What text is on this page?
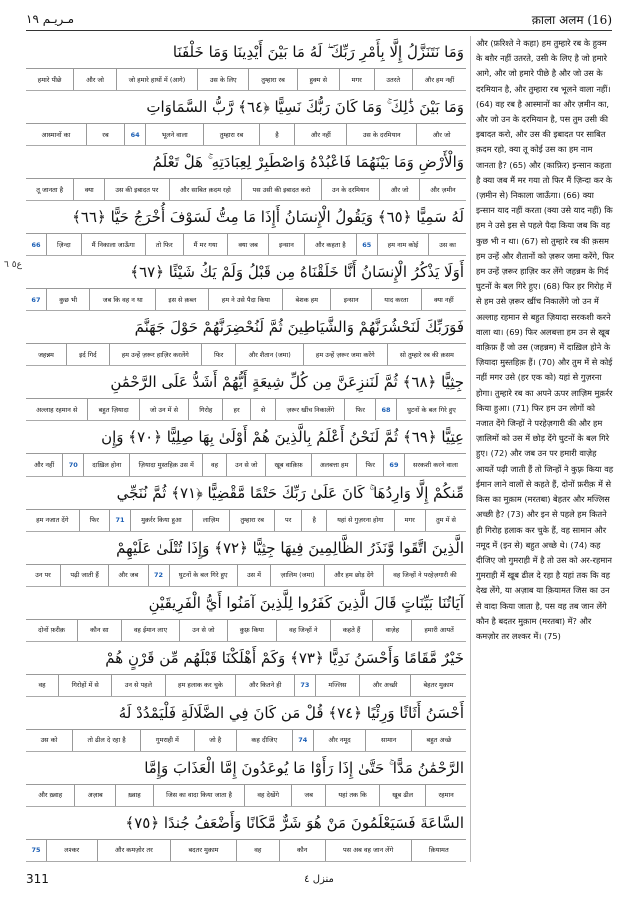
مـريـم ١٩	क़ाला अलम (16)
ع٥ ٦
وَمَا نَتَنَزَّلُ إِلَّا بِأَمْرِ رَبِّكَ ۖ لَهُ مَا بَيْنَ أَيْدِينَا وَمَا خَلْفَنَا
और हम नहीं
उतरते
मगर
हुक्म से
तुम्हारा रब
उस के लिए
जो हमारे हाथों में (आगे)
और जो
हमारे पीछे
وَمَا بَيْنَ ذَٰلِكَ ۚ وَمَا كَانَ رَبُّكَ نَسِيًّا ﴿٦٤﴾ رَّبُّ السَّمَاوَاتِ
और जो
उस के दरमियान
और नहीं
है
तुम्हारा रब
भूलने वाला
64
रब
आस्मानों का
وَالْأَرْضِ وَمَا بَيْنَهُمَا فَاعْبُدْهُ وَاصْطَبِرْ لِعِبَادَتِهِ ۚ هَلْ تَعْلَمُ
और ज़मीन
और जो
उन के दरमियान
पस उसी की इबादत करो
और साबित क़दम रहो
उस की इबादत पर
क्या
तू जानता है
لَهُ سَمِيًّا ﴿٦٥﴾ وَيَقُولُ الْإِنسَانُ أَإِذَا مَا مِتُّ لَسَوْفَ أُخْرَجُ حَيًّا ﴿٦٦﴾
उस का
हम नाम कोई
65
और कहता है
इन्सान
क्या जब
मैं मर गया
तो फिर
मैं निकाला जाऊँगा
ज़िन्दा
66
أَوَلَا يَذْكُرُ الْإِنسَانُ أَنَّا خَلَقْنَاهُ مِن قَبْلُ وَلَمْ يَكُ شَيْئًا ﴿٦٧﴾
क्या नहीं
याद करता
इन्सान
बेशक हम
हम ने उसे पैदा किया
इस से क़ब्ल
जब कि वह न था
कुछ भी
67
فَوَرَبِّكَ لَنَحْشُرَنَّهُمْ وَالشَّيَاطِينَ ثُمَّ لَنُحْضِرَنَّهُمْ حَوْلَ جَهَنَّمَ
सो तुम्हारे रब की क़सम
हम उन्हें ज़रूर जमा करेंगे
और शैतान (जमा)
फिर
हम उन्हें ज़रूर हाज़िर करलेंगे
इर्द गिर्द
जहन्नम
جِثِيًّا ﴿٦٨﴾ ثُمَّ لَنَنزِعَنَّ مِن كُلِّ شِيعَةٍ أَيُّهُمْ أَشَدُّ عَلَى الرَّحْمَٰنِ
घुटनों के बल गिरे हुए
68
फिर
ज़रूर खींच निकालेंगे
से
हर
गिरोह
जो उन में से
बहुत ज़ियादा
अल्लाह रहमान से
عِتِيًّا ﴿٦٩﴾ ثُمَّ لَنَحْنُ أَعْلَمُ بِالَّذِينَ هُمْ أَوْلَىٰ بِهَا صِلِيًّا ﴿٧٠﴾ وَإِن
सरकशी करने वाला
69
फिर
अलबत्ता हम
खूब वाक़िफ़
उन से जो
वह
ज़ियादा मुस्तहिक़ उस में
दाख़िल होना
70
और नहीं
مِّنكُمْ إِلَّا وَارِدُهَا ۚ كَانَ عَلَىٰ رَبِّكَ حَتْمًا مَّقْضِيًّا ﴿٧١﴾ ثُمَّ نُنَجِّي
तुम में से
मगर
यहां से गुज़रना होगा
है
पर
तुम्हारा रब
लाज़िम
मुक़र्रर किया हुआ
71
फिर
हम नजात देंगे
الَّذِينَ اتَّقَوا وَّنَذَرُ الظَّالِمِينَ فِيهَا جِثِيًّا ﴿٧٢﴾ وَإِذَا تُتْلَىٰ عَلَيْهِمْ
वह जिन्हों ने परहेज़गारी की
और हम छोड़ देंगे
ज़ालिम (जमा)
उस में
घुटनों के बल गिरे हुए
72
और जब
पढ़ी जाती हैं
उन पर
آيَاتُنَا بَيِّنَاتٍ قَالَ الَّذِينَ كَفَرُوا لِلَّذِينَ آمَنُوا أَيُّ الْفَرِيقَيْنِ
हमारी आयतें
वाज़ेह
कहते हैं
वह जिन्हों ने
कुफ़्र किया
उन से जो
वह ईमान लाए
कौन सा
दोनों फ़रीक़
خَيْرٌ مَّقَامًا وَأَحْسَنُ نَدِيًّا ﴿٧٣﴾ وَكَمْ أَهْلَكْنَا قَبْلَهُم مِّن قَرْنٍ هُمْ
बेहतर मुक़ाम
और अच्छी
मज्लिस
73
और कितने ही
हम हलाक कर चुके
उन से पहले
गिरोहों में से
वह
أَحْسَنُ أَثَاثًا وَرِئْيًا ﴿٧٤﴾ قُلْ مَن كَانَ فِي الضَّلَالَةِ فَلْيَمْدُدْ لَهُ
बहुत अच्छे
सामान
और नमूद
74
कह दीजिए
जो है
गुमराही में
तो ढील दे रहा है
उस को
الرَّحْمَٰنُ مَدًّا ۚ حَتَّىٰ إِذَا رَأَوْا مَا يُوعَدُونَ إِمَّا الْعَذَابَ وَإِمَّا
रहमान
खूब ढील
यहां तक कि
जब
वह देखेंगे
जिस का वादा किया जाता है
ख़्वाह
अज़ाब
और ख़्वाह
السَّاعَةَ فَسَيَعْلَمُونَ مَنْ هُوَ شَرٌّ مَّكَانًا وَأَضْعَفُ جُندًا ﴿٧٥﴾
क़ियामत
पस अब वह जान लेंगे
कौन
वह
बदतर मुक़ाम
और कमज़ोर तर
लश्कर
75
और (फ़रिश्ते ने कहा) हम तुम्हारे रब के हुक्म के बग़ैर नहीं उतरते, उसी के लिए है जो हमारे आगे, और जो हमारे पीछे है और जो उस के दरमियान है, और तुम्हारा रब भूलने वाला नहीं। (64) वह रब है आस्मानों का और ज़मीन का, और जो उन के दरमियान है, पस तुम उसी की इबादत करो, और उस की इबादत पर साबित क़दम रहो, क्या तू कोई उस का हम नाम जानता है? (65) और (काफ़िर) इन्सान कहता है क्या जब मैं मर गया तो फिर मैं ज़िन्दा कर के (ज़मीन से) निकाला जाऊँगा। (66) क्या इन्सान याद नहीं करता (क्या उसे याद नहीं) कि हम ने उसे इस से पहले पैदा किया जब कि वह कुछ भी न था। (67) सो तुम्हारे रब की क़सम हम उन्हें और शैतानों को ज़रूर जमा करेंगे, फिर हम उन्हें ज़रूर हाज़िर कर लेंगे जहन्नम के गिर्द घुटनों के बल गिरे हुए। (68) फिर हर गिरोह में से हम उसे ज़रूर खींच निकालेंगे जो उन में अल्लाह रहमान से बहुत ज़ियादा सरकशी करने वाला था। (69) फिर अलबत्ता हम उन से खूब वाक़िफ़ हैं जो उस (जहन्नम) में दाख़िल होने के ज़ियादा मुस्तहिक़ हैं। (70) और तुम में से कोई नहीं मगर उसे (हर एक को) यहां से गुज़रना होगा। तुम्हारे रब का अपने ऊपर लाज़िम मुक़र्रर किया हुआ। (71) फिर हम उन लोगों को नजात देंगे जिन्हों ने परहेज़गारी की और हम ज़ालिमों को उस में छोड़ देंगे घुटनों के बल गिरे हुए। (72) और जब उन पर हमारी वाज़ेह आयतें पढ़ी जाती हैं तो जिन्हों ने कुफ़्र किया वह ईमान लाने वालों से कहते हैं, दोनों फ़रीक़ में से किस का मुक़ाम (मरतबा) बेहतर और मज्लिस अच्छी है? (73) और इन से पहले हम कितने ही गिरोह हलाक कर चुके हैं, वह सामान और नमूद में (इन से) बहुत अच्छे थे। (74) कह दीजिए जो गुमराही में है तो उस को अर-रहमान गुमराही में खूब ढील दे रहा है यहां तक कि वह देख लेंगे, या अज़ाब या क़ियामत जिस का उन से वादा किया जाता है, पस वह तब जान लेंगे कौन है बदतर मुक़ाम (मरतबा) में? और कमज़ोर तर लश्कर में। (75)
311	منزل ٤
